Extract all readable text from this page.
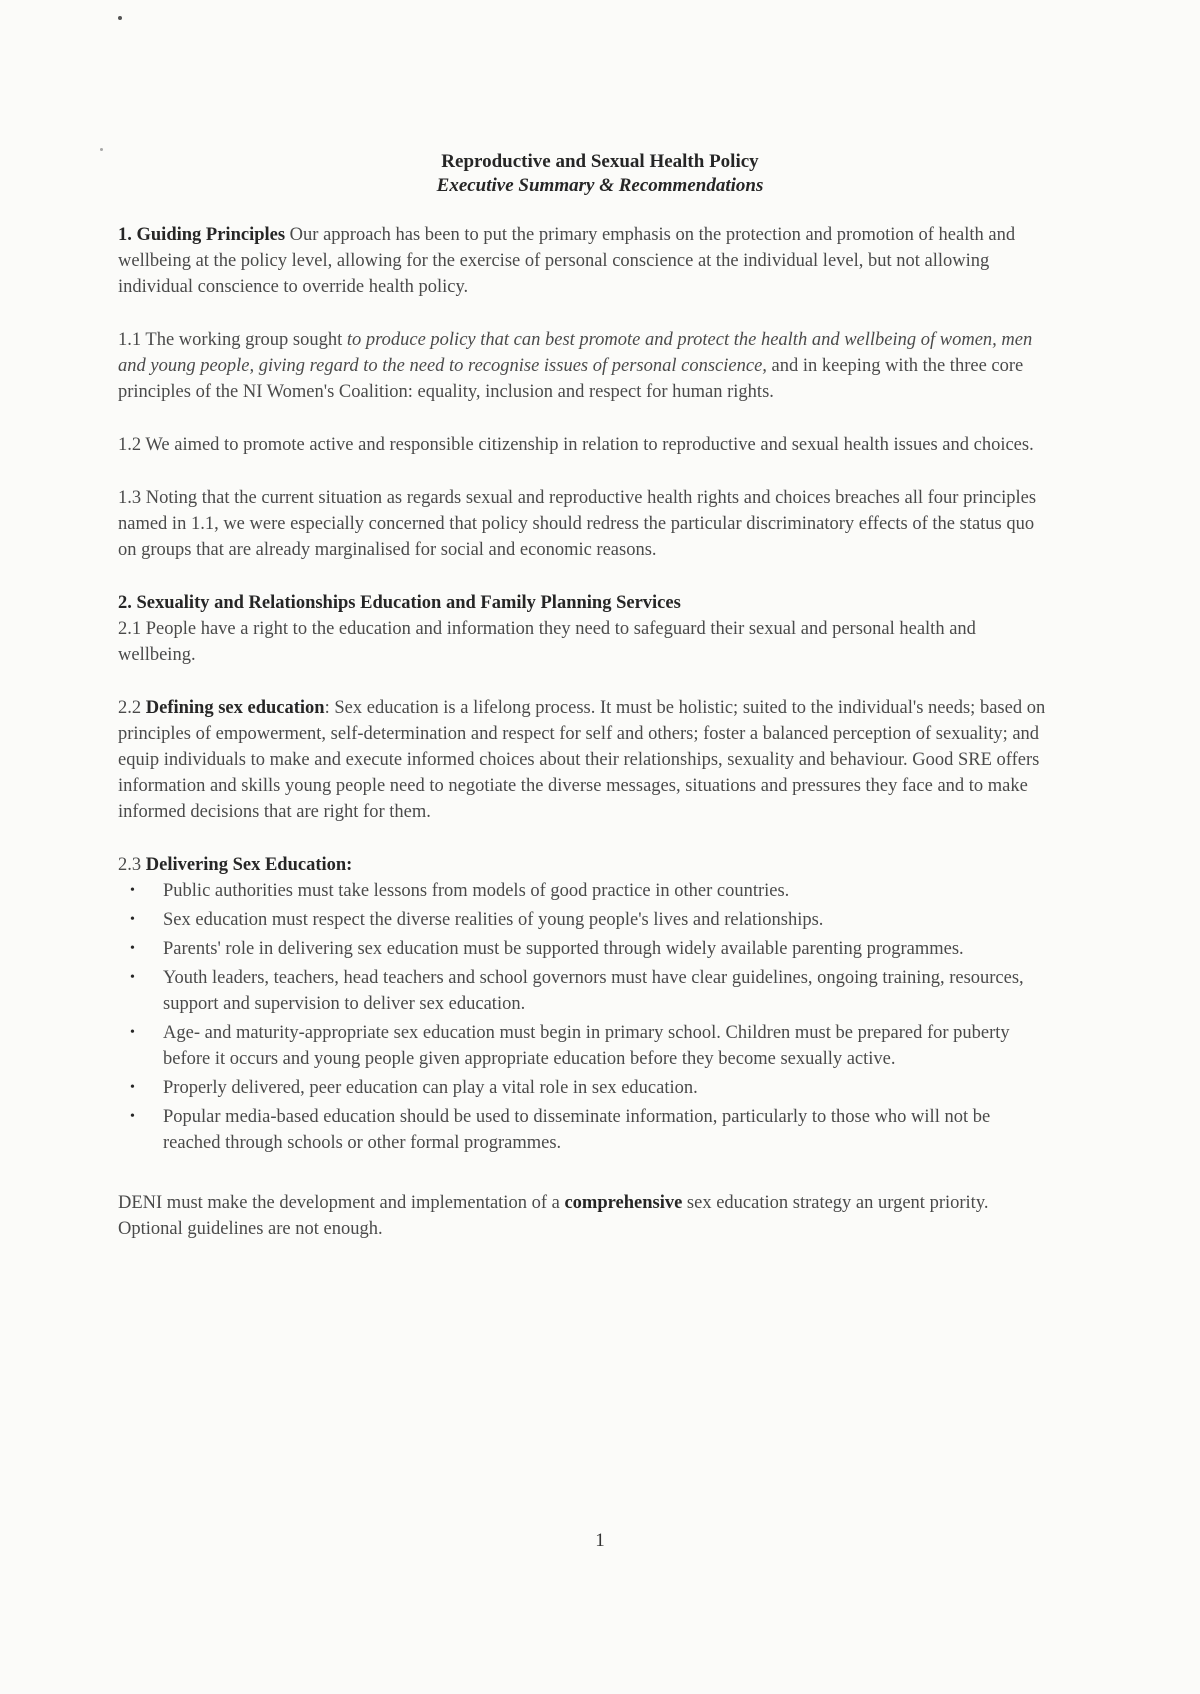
Reproductive and Sexual Health Policy
Executive Summary & Recommendations

1. Guiding Principles Our approach has been to put the primary emphasis on the protection and promotion of health and wellbeing at the policy level, allowing for the exercise of personal conscience at the individual level, but not allowing individual conscience to override health policy.

1.1 The working group sought to produce policy that can best promote and protect the health and wellbeing of women, men and young people, giving regard to the need to recognise issues of personal conscience, and in keeping with the three core principles of the NI Women's Coalition: equality, inclusion and respect for human rights.

1.2 We aimed to promote active and responsible citizenship in relation to reproductive and sexual health issues and choices.

1.3 Noting that the current situation as regards sexual and reproductive health rights and choices breaches all four principles named in 1.1, we were especially concerned that policy should redress the particular discriminatory effects of the status quo on groups that are already marginalised for social and economic reasons.

2. Sexuality and Relationships Education and Family Planning Services

2.1 People have a right to the education and information they need to safeguard their sexual and personal health and wellbeing.

2.2 Defining sex education: Sex education is a lifelong process. It must be holistic; suited to the individual's needs; based on principles of empowerment, self-determination and respect for self and others; foster a balanced perception of sexuality; and equip individuals to make and execute informed choices about their relationships, sexuality and behaviour. Good SRE offers information and skills young people need to negotiate the diverse messages, situations and pressures they face and to make informed decisions that are right for them.

2.3 Delivering Sex Education:
• Public authorities must take lessons from models of good practice in other countries.
• Sex education must respect the diverse realities of young people's lives and relationships.
• Parents' role in delivering sex education must be supported through widely available parenting programmes.
• Youth leaders, teachers, head teachers and school governors must have clear guidelines, ongoing training, resources, support and supervision to deliver sex education.
• Age- and maturity-appropriate sex education must begin in primary school. Children must be prepared for puberty before it occurs and young people given appropriate education before they become sexually active.
• Properly delivered, peer education can play a vital role in sex education.
• Popular media-based education should be used to disseminate information, particularly to those who will not be reached through schools or other formal programmes.

DENI must make the development and implementation of a comprehensive sex education strategy an urgent priority. Optional guidelines are not enough.

1
